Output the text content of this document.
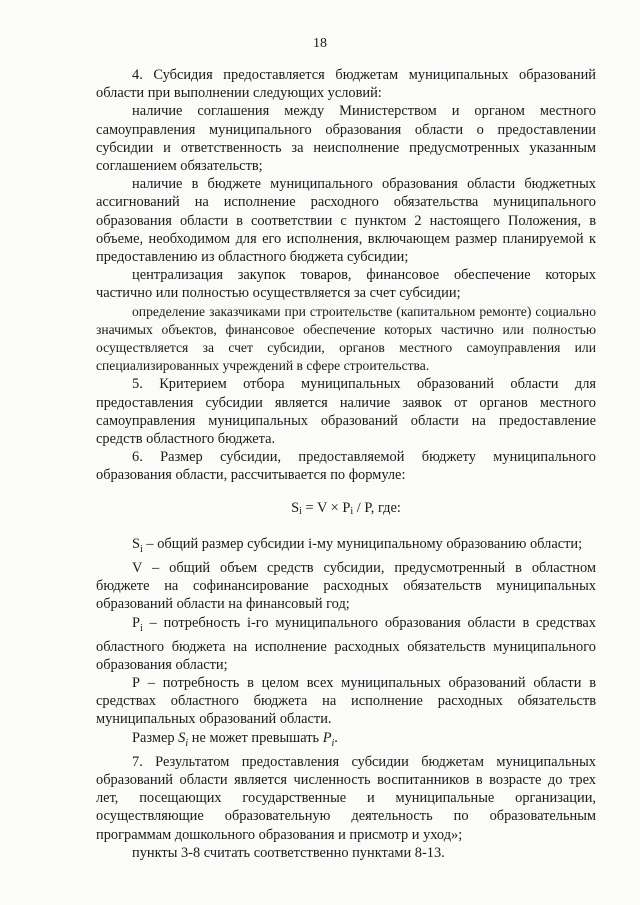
18

4. Субсидия предоставляется бюджетам муниципальных образований области при выполнении следующих условий:

наличие соглашения между Министерством и органом местного самоуправления муниципального образования области о предоставлении субсидии и ответственность за неисполнение предусмотренных указанным соглашением обязательств;

наличие в бюджете муниципального образования области бюджетных ассигнований на исполнение расходного обязательства муниципального образования области в соответствии с пунктом 2 настоящего Положения, в объеме, необходимом для его исполнения, включающем размер планируемой к предоставлению из областного бюджета субсидии;

централизация закупок товаров, финансовое обеспечение которых частично или полностью осуществляется за счет субсидии;

определение заказчиками при строительстве (капитальном ремонте) социально значимых объектов, финансовое обеспечение которых частично или полностью осуществляется за счет субсидии, органов местного самоуправления или специализированных учреждений в сфере строительства.

5. Критерием отбора муниципальных образований области для предоставления субсидии является наличие заявок от органов местного самоуправления муниципальных образований области на предоставление средств областного бюджета.

6. Размер субсидии, предоставляемой бюджету муниципального образования области, рассчитывается по формуле:

$S_i = V \times P_i / P$, где:

$S_i$ – общий размер субсидии i-му муниципальному образованию области;

V – общий объем средств субсидии, предусмотренный в областном бюджете на софинансирование расходных обязательств муниципальных образований области на финансовый год;

$P_i$ – потребность i-го муниципального образования области в средствах областного бюджета на исполнение расходных обязательств муниципального образования области;

Р – потребность в целом всех муниципальных образований области в средствах областного бюджета на исполнение расходных обязательств муниципальных образований области.

Размер $S_i$ не может превышать $P_i$.

7. Результатом предоставления субсидии бюджетам муниципальных образований области является численность воспитанников в возрасте до трех лет, посещающих государственные и муниципальные организации, осуществляющие образовательную деятельность по образовательным программам дошкольного образования и присмотр и уход»;

пункты 3-8 считать соответственно пунктами 8-13.
